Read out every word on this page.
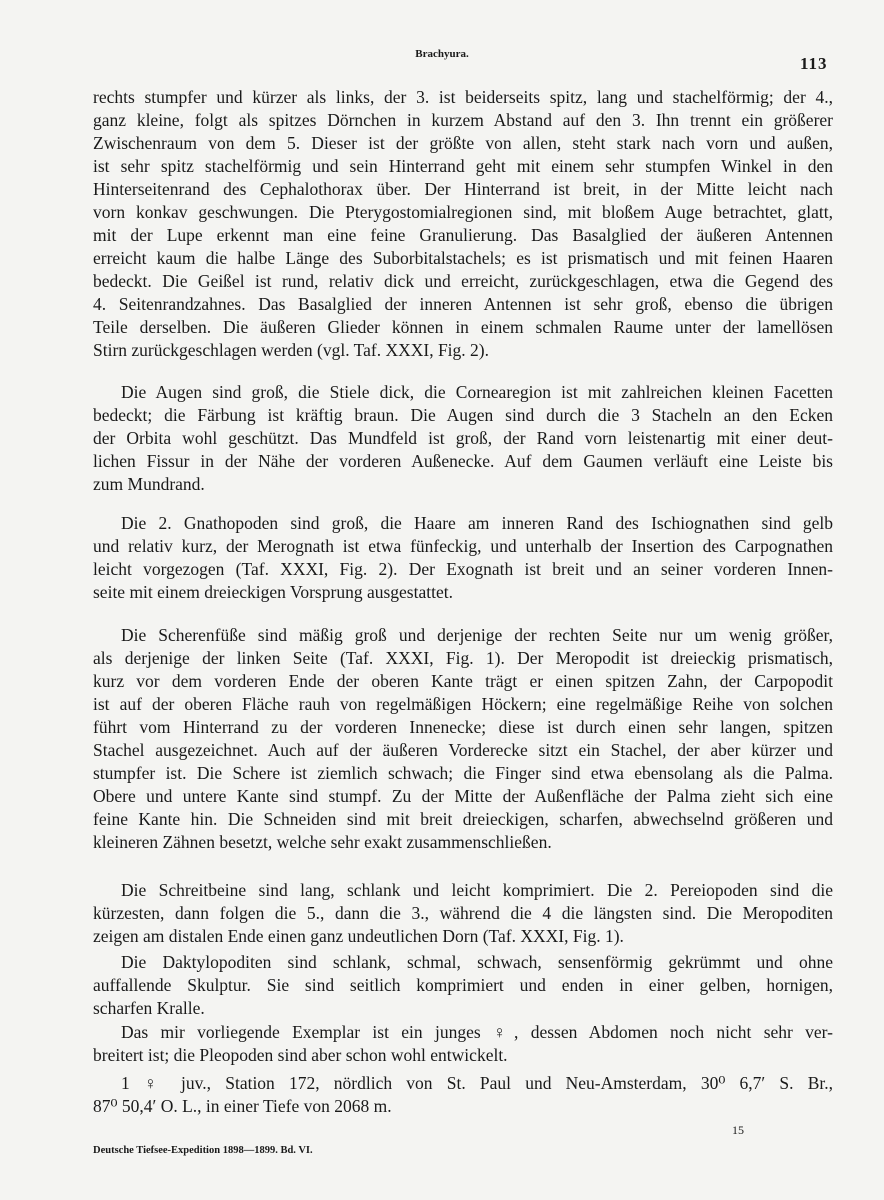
Brachyura.	113
rechts stumpfer und kürzer als links, der 3. ist beiderseits spitz, lang und stachelförmig; der 4.,
ganz kleine, folgt als spitzes Dörnchen in kurzem Abstand auf den 3. Ihn trennt ein größerer
Zwischenraum von dem 5. Dieser ist der größte von allen, steht stark nach vorn und außen,
ist sehr spitz stachelförmig und sein Hinterrand geht mit einem sehr stumpfen Winkel in den
Hinterseitenrand des Cephalothorax über. Der Hinterrand ist breit, in der Mitte leicht nach
vorn konkav geschwungen. Die Pterygostomialregionen sind, mit bloßem Auge betrachtet, glatt,
mit der Lupe erkennt man eine feine Granulierung. Das Basalglied der äußeren Antennen
erreicht kaum die halbe Länge des Suborbitalstachels; es ist prismatisch und mit feinen Haaren
bedeckt. Die Geißel ist rund, relativ dick und erreicht, zurückgeschlagen, etwa die Gegend des
4. Seitenrandzahnes. Das Basalglied der inneren Antennen ist sehr groß, ebenso die übrigen
Teile derselben. Die äußeren Glieder können in einem schmalen Raume unter der lamellösen
Stirn zurückgeschlagen werden (vgl. Taf. XXXI, Fig. 2).
Die Augen sind groß, die Stiele dick, die Cornearegion ist mit zahlreichen kleinen Facetten
bedeckt; die Färbung ist kräftig braun. Die Augen sind durch die 3 Stacheln an den Ecken
der Orbita wohl geschützt. Das Mundfeld ist groß, der Rand vorn leistenartig mit einer deut-
lichen Fissur in der Nähe der vorderen Außenecke. Auf dem Gaumen verläuft eine Leiste bis
zum Mundrand.
Die 2. Gnathopoden sind groß, die Haare am inneren Rand des Ischiognathen sind gelb
und relativ kurz, der Merognath ist etwa fünfeckig, und unterhalb der Insertion des Carpognathen
leicht vorgezogen (Taf. XXXI, Fig. 2). Der Exognath ist breit und an seiner vorderen Innen-
seite mit einem dreieckigen Vorsprung ausgestattet.
Die Scherenfüße sind mäßig groß und derjenige der rechten Seite nur um wenig größer,
als derjenige der linken Seite (Taf. XXXI, Fig. 1). Der Meropodit ist dreieckig prismatisch,
kurz vor dem vorderen Ende der oberen Kante trägt er einen spitzen Zahn, der Carpopodit
ist auf der oberen Fläche rauh von regelmäßigen Höckern; eine regelmäßige Reihe von solchen
führt vom Hinterrand zu der vorderen Innenecke; diese ist durch einen sehr langen, spitzen
Stachel ausgezeichnet. Auch auf der äußeren Vorderecke sitzt ein Stachel, der aber kürzer und
stumpfer ist. Die Schere ist ziemlich schwach; die Finger sind etwa ebensolang als die Palma.
Obere und untere Kante sind stumpf. Zu der Mitte der Außenfläche der Palma zieht sich eine
feine Kante hin. Die Schneiden sind mit breit dreieckigen, scharfen, abwechselnd größeren und
kleineren Zähnen besetzt, welche sehr exakt zusammenschließen.
Die Schreitbeine sind lang, schlank und leicht komprimiert. Die 2. Pereiopoden sind die
kürzesten, dann folgen die 5., dann die 3., während die 4 die längsten sind. Die Meropoditen
zeigen am distalen Ende einen ganz undeutlichen Dorn (Taf. XXXI, Fig. 1).
Die Daktylopoditen sind schlank, schmal, schwach, sensenförmig gekrümmt und ohne
auffallende Skulptur. Sie sind seitlich komprimiert und enden in einer gelben, hornigen,
scharfen Kralle.
Das mir vorliegende Exemplar ist ein junges ♀, dessen Abdomen noch nicht sehr ver-
breitert ist; die Pleopoden sind aber schon wohl entwickelt.
1 ♀ juv., Station 172, nördlich von St. Paul und Neu-Amsterdam, 30⁰ 6,7′ S. Br.,
87⁰ 50,4′ O. L., in einer Tiefe von 2068 m.
Deutsche Tiefsee-Expedition 1898—1899. Bd. VI.
15
